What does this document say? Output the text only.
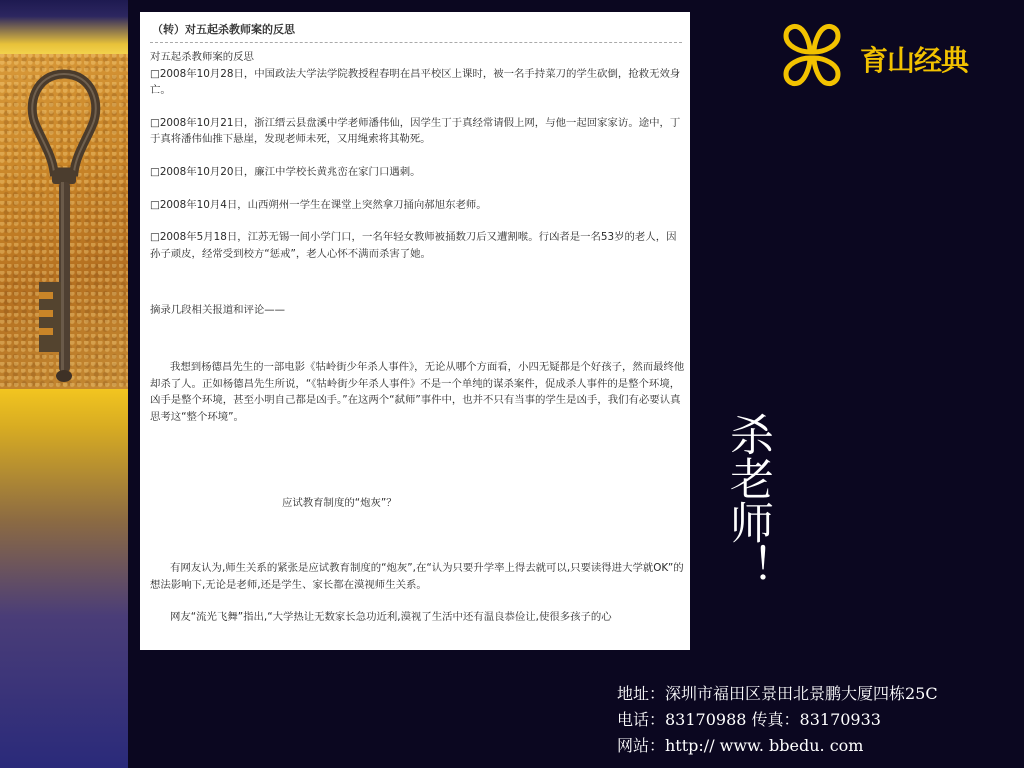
（转）对五起杀教师案的反思

对五起杀教师案的反思

□2008年10月28日，中国政法大学法学院教授程春明在昌平校区上课时，被一名手持菜刀的学生砍倒，抢救无效身亡。

□2008年10月21日，浙江缙云县盘溪中学老师潘伟仙，因学生丁于真经常请假上网，与他一起回家家访。途中，丁于真将潘伟仙推下悬崖，发现老师未死，又用绳索将其勒死。

□2008年10月20日，廉江中学校长黄兆峦在家门口遇刺。

□2008年10月4日，山西朔州一学生在课堂上突然拿刀捅向郝旭东老师。

□2008年5月18日，江苏无锡一间小学门口，一名年轻女教师被捅数刀后又遭割喉。行凶者是一名53岁的老人，因孙子顽皮，经常受到校方“惩戒”，老人心怀不满而杀害了她。

摘录几段相关报道和评论——

我想到杨德昌先生的一部电影《牯岭街少年杀人事件》，无论从哪个方面看，小四无疑都是个好孩子，然而最终他却杀了人。正如杨德昌先生所说，“《牯岭街少年杀人事件》不是一个单纯的谋杀案件，促成杀人事件的是整个环境，凶手是整个环境，甚至小明自己都是凶手。”在这两个“弑师”事件中，也并不只有当事的学生是凶手，我们有必要认真思考这“整个环境”。

应试教育制度的“炮灰”？

有网友认为,师生关系的紧张是应试教育制度的“炮灰”,在“认为只要升学率上得去就可以,只要读得进大学就OK”的想法影响下,无论是老师,还是学生、家长都在漠视师生关系。

网友“流光飞舞”指出,“大学热让无数家长急功近利,漠视了生活中还有温良恭俭让,使很多孩子的心

育山经典
杀老师！
地址：深圳市福田区景田北景鹏大厦四栋25C
电话：83170988 传真：83170933
网站：http:// www. bbedu. com
